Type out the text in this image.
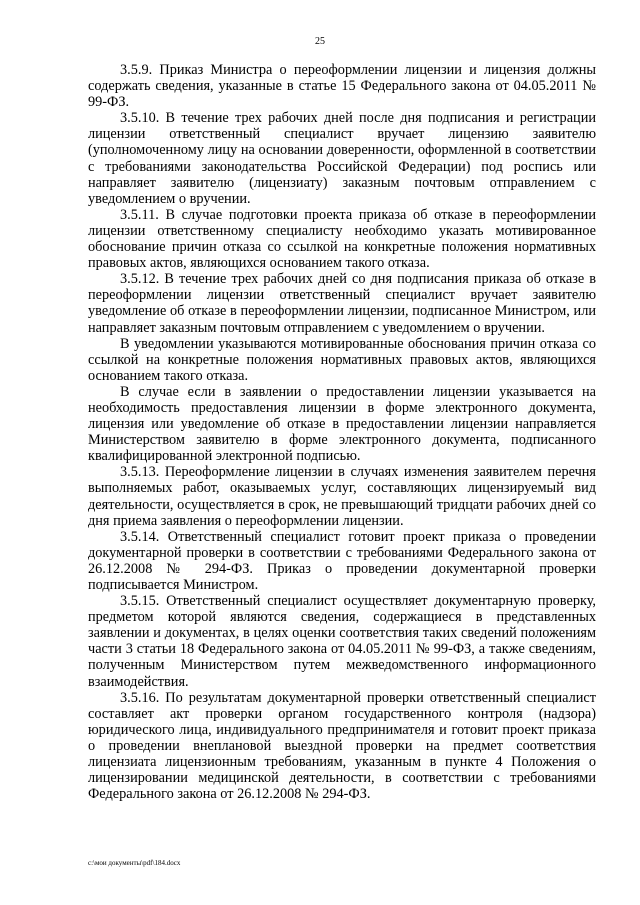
25

3.5.9. Приказ Министра о переоформлении лицензии и лицензия должны содержать сведения, указанные в статье 15 Федерального закона от 04.05.2011 № 99-ФЗ.

3.5.10. В течение трех рабочих дней после дня подписания и регистрации лицензии ответственный специалист вручает лицензию заявителю (уполномоченному лицу на основании доверенности, оформленной в соответствии с требованиями законодательства Российской Федерации) под роспись или направляет заявителю (лицензиату) заказным почтовым отправлением с уведомлением о вручении.

3.5.11. В случае подготовки проекта приказа об отказе в переоформлении лицензии ответственному специалисту необходимо указать мотивированное обоснование причин отказа со ссылкой на конкретные положения нормативных правовых актов, являющихся основанием такого отказа.

3.5.12. В течение трех рабочих дней со дня подписания приказа об отказе в переоформлении лицензии ответственный специалист вручает заявителю уведомление об отказе в переоформлении лицензии, подписанное Министром, или направляет заказным почтовым отправлением с уведомлением о вручении.

В уведомлении указываются мотивированные обоснования причин отказа со ссылкой на конкретные положения нормативных правовых актов, являющихся основанием такого отказа.

В случае если в заявлении о предоставлении лицензии указывается на необходимость предоставления лицензии в форме электронного документа, лицензия или уведомление об отказе в предоставлении лицензии направляется Министерством заявителю в форме электронного документа, подписанного квалифицированной электронной подписью.

3.5.13. Переоформление лицензии в случаях изменения заявителем перечня выполняемых работ, оказываемых услуг, составляющих лицензируемый вид деятельности, осуществляется в срок, не превышающий тридцати рабочих дней со дня приема заявления о переоформлении лицензии.

3.5.14. Ответственный специалист готовит проект приказа о проведении документарной проверки в соответствии с требованиями Федерального закона от 26.12.2008 № 294-ФЗ. Приказ о проведении документарной проверки подписывается Министром.

3.5.15. Ответственный специалист осуществляет документарную проверку, предметом которой являются сведения, содержащиеся в представленных заявлении и документах, в целях оценки соответствия таких сведений положениям части 3 статьи 18 Федерального закона от 04.05.2011 № 99-ФЗ, а также сведениям, полученным Министерством путем межведомственного информационного взаимодействия.

3.5.16. По результатам документарной проверки ответственный специалист составляет акт проверки органом государственного контроля (надзора) юридического лица, индивидуального предпринимателя и готовит проект приказа о проведении внеплановой выездной проверки на предмет соответствия лицензиата лицензионным требованиям, указанным в пункте 4 Положения о лицензировании медицинской деятельности, в соответствии с требованиями Федерального закона от 26.12.2008 № 294-ФЗ.

c:\мои документы\pdf\184.docx
